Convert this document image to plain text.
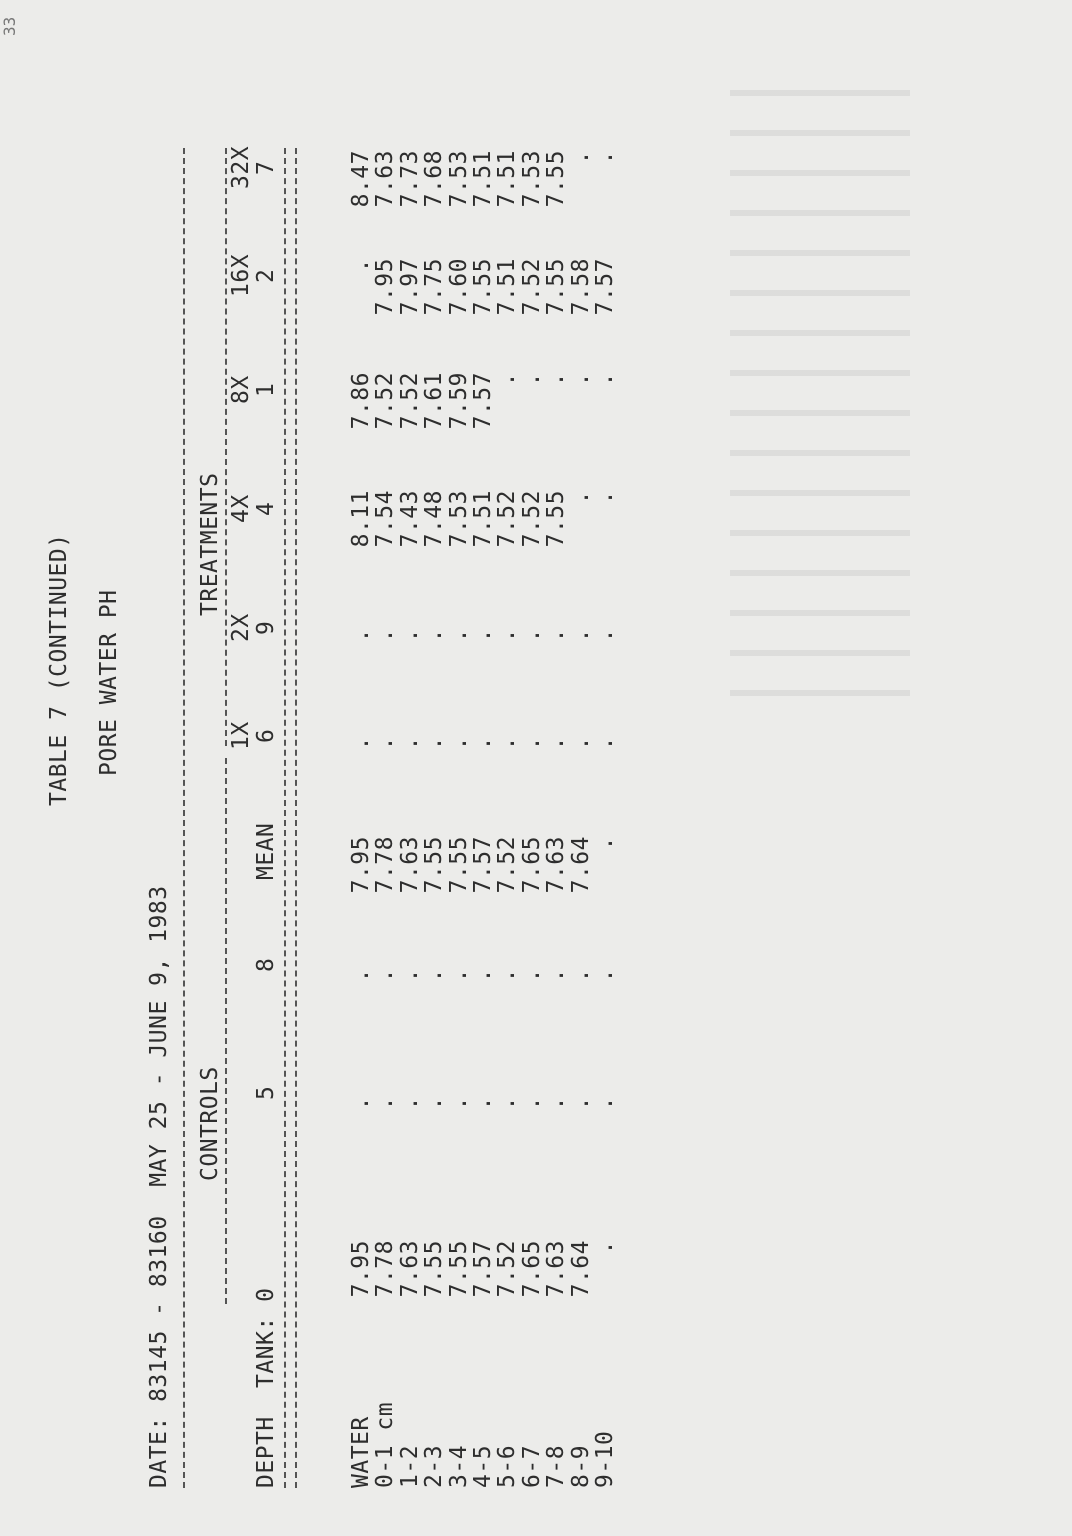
TABLE 7 (CONTINUED) PORE WATER PH
DATE: 83145 - 83160  MAY 25 - JUNE 9, 1983 CONTROLS
TREATMENTS
1X
2X
4X
8X
16X
32X
DEPTH
TANK: 0
5
8
MEAN
6
9
4
1
2
7
WATER
7.95
.
.
7.95
.
.
8.11
7.86
.
8.47
0-1 cm
7.78
.
.
7.78
.
.
7.54
7.52
7.95
7.63
1-2
7.63
.
.
7.63
.
.
7.43
7.52
7.97
7.73
2-3
7.55
.
.
7.55
.
.
7.48
7.61
7.75
7.68
3-4
7.55
.
.
7.55
.
.
7.53
7.59
7.60
7.53
4-5
7.57
.
.
7.57
.
.
7.51
7.57
7.55
7.51
5-6
7.52
.
.
7.52
.
.
7.52
.
7.51
7.51
6-7
7.65
.
.
7.65
.
.
7.52
.
7.52
7.53
7-8
7.63
.
.
7.63
.
.
7.55
.
7.55
7.55
8-9
7.64
.
.
7.64
.
.
.
.
7.58
.
9-10
.
.
.
.
.
.
.
.
7.57
.
33
